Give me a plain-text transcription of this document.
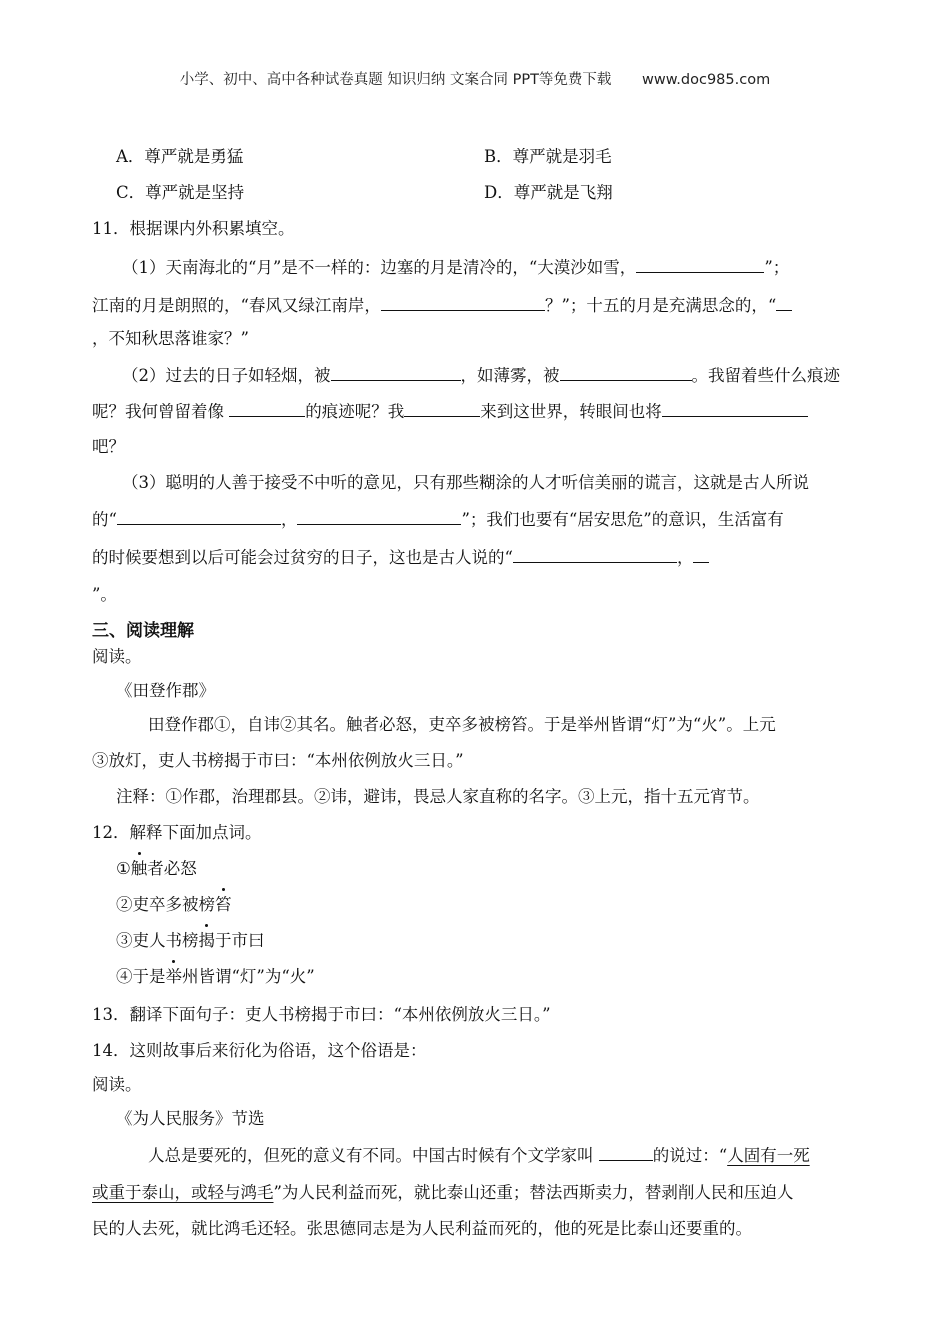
小学、初中、高中各种试卷真题 知识归纳 文案合同 PPT等免费下载 www.doc985.com
A．尊严就是勇猛	B．尊严就是羽毛
C．尊严就是坚持	D．尊严就是飞翔
11．根据课内外积累填空。
（1）天南海北的“月”是不一样的：边塞的月是清冷的，“大漠沙如雪，	”；
江南的月是朗照的，“春风又绿江南岸，	？”；十五的月是充满思念的，“
，不知秋思落谁家？”
（2）过去的日子如轻烟，被	，如薄雾，被	。我留着些什么痕迹
呢？我何曾留着像	的痕迹呢？我	来到这世界，转眼间也将
吧？
（3）聪明的人善于接受不中听的意见，只有那些糊涂的人才听信美丽的谎言，这就是古人所说
的“	，	”；我们也要有“居安思危”的意识，生活富有
的时候要想到以后可能会过贫穷的日子，这也是古人说的“	，
”。
三、阅读理解
阅读。
《田登作郡》
田登作郡①，自讳②其名。触者必怒，吏卒多被榜笞。于是举州皆谓“灯”为“火”。上元
③放灯，吏人书榜揭于市曰：“本州依例放火三日。”
注释：①作郡，治理郡县。②讳，避讳，畏忌人家直称的名字。③上元，指十五元宵节。
12．解释下面加点词。
①触者必怒
②吏卒多被榜笞
③吏人书榜揭于市曰
④于是举州皆谓“灯”为“火”
13．翻译下面句子：吏人书榜揭于市曰：“本州依例放火三日。”
14．这则故事后来衍化为俗语，这个俗语是：
阅读。
《为人民服务》节选
人总是要死的，但死的意义有不同。中国古时候有个文学家叫	的说过：“人固有一死
或重于泰山，或轻与鸿毛”为人民利益而死，就比泰山还重；替法西斯卖力，替剥削人民和压迫人
民的人去死，就比鸿毛还轻。张思德同志是为人民利益而死的，他的死是比泰山还要重的。
